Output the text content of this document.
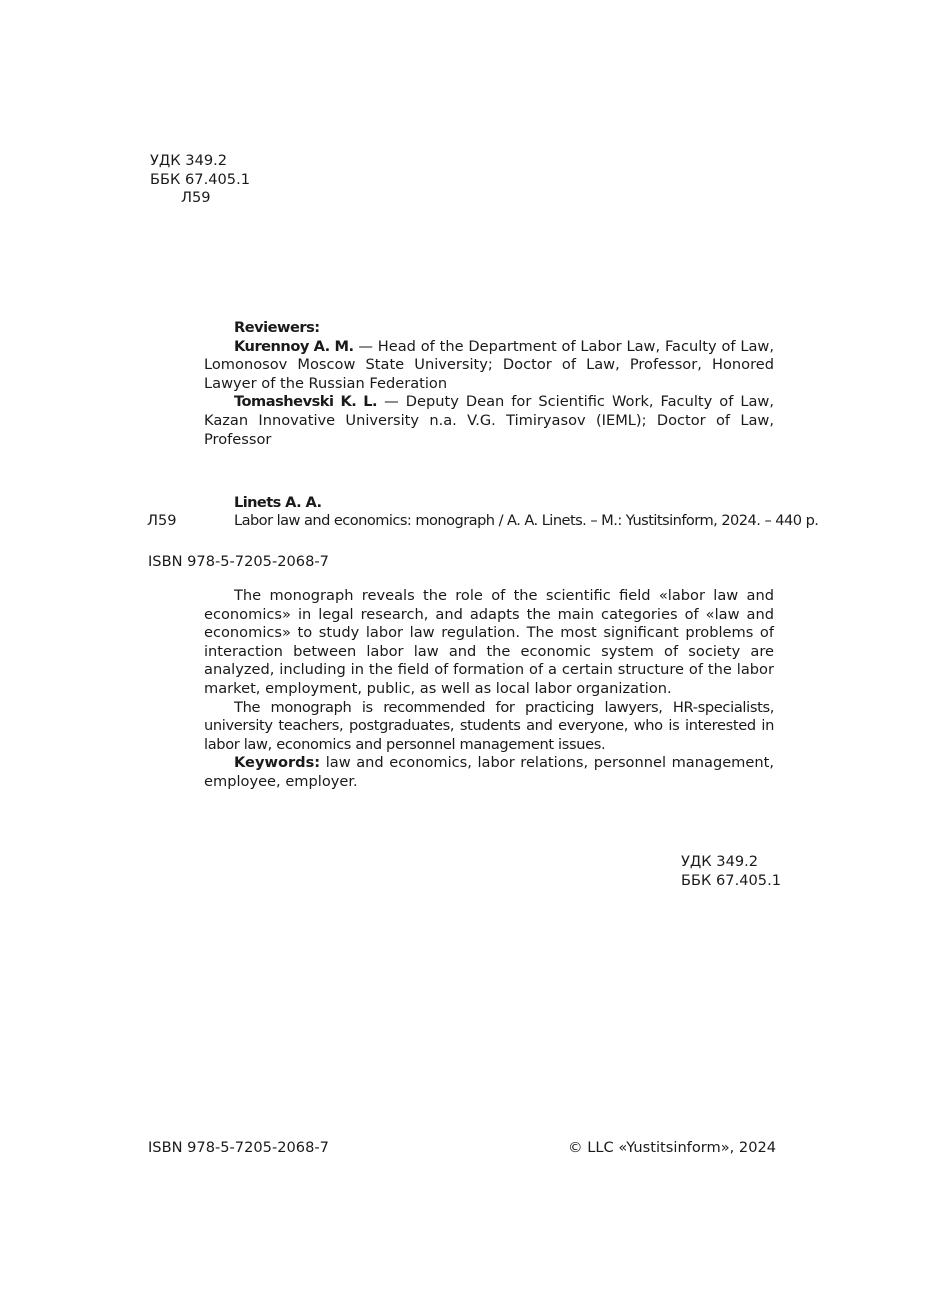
УДК 349.2
ББК 67.405.1
Л59

Reviewers:

Kurennoy A. M. — Head of the Department of Labor Law, Faculty of Law, Lomonosov Moscow State University; Doctor of Law, Professor, Honored Lawyer of the Russian Federation

Tomashevski K. L. — Deputy Dean for Scientific Work, Faculty of Law, Kazan Innovative University n.a. V.G. Timiryasov (IEML); Doctor of Law, Professor

Linets A. A.
Л59	Labor law and economics: monograph / A. A. Linets. – M.: Yustitsinform, 2024. – 440 p.
ISBN 978-5-7205-2068-7

The monograph reveals the role of the scientific field «labor law and economics» in legal research, and adapts the main categories of «law and economics» to study labor law regulation. The most significant problems of interaction between labor law and the economic system of society are analyzed, including in the field of formation of a certain structure of the labor market, employment, public, as well as local labor organization.

The monograph is recommended for practicing lawyers, HR-specialists, university teachers, postgraduates, students and everyone, who is interested in labor law, economics and personnel management issues.

Keywords: law and economics, labor relations, personnel management, employee, employer.

УДК 349.2
ББК 67.405.1
ISBN 978-5-7205-2068-7	© LLC «Yustitsinform», 2024
